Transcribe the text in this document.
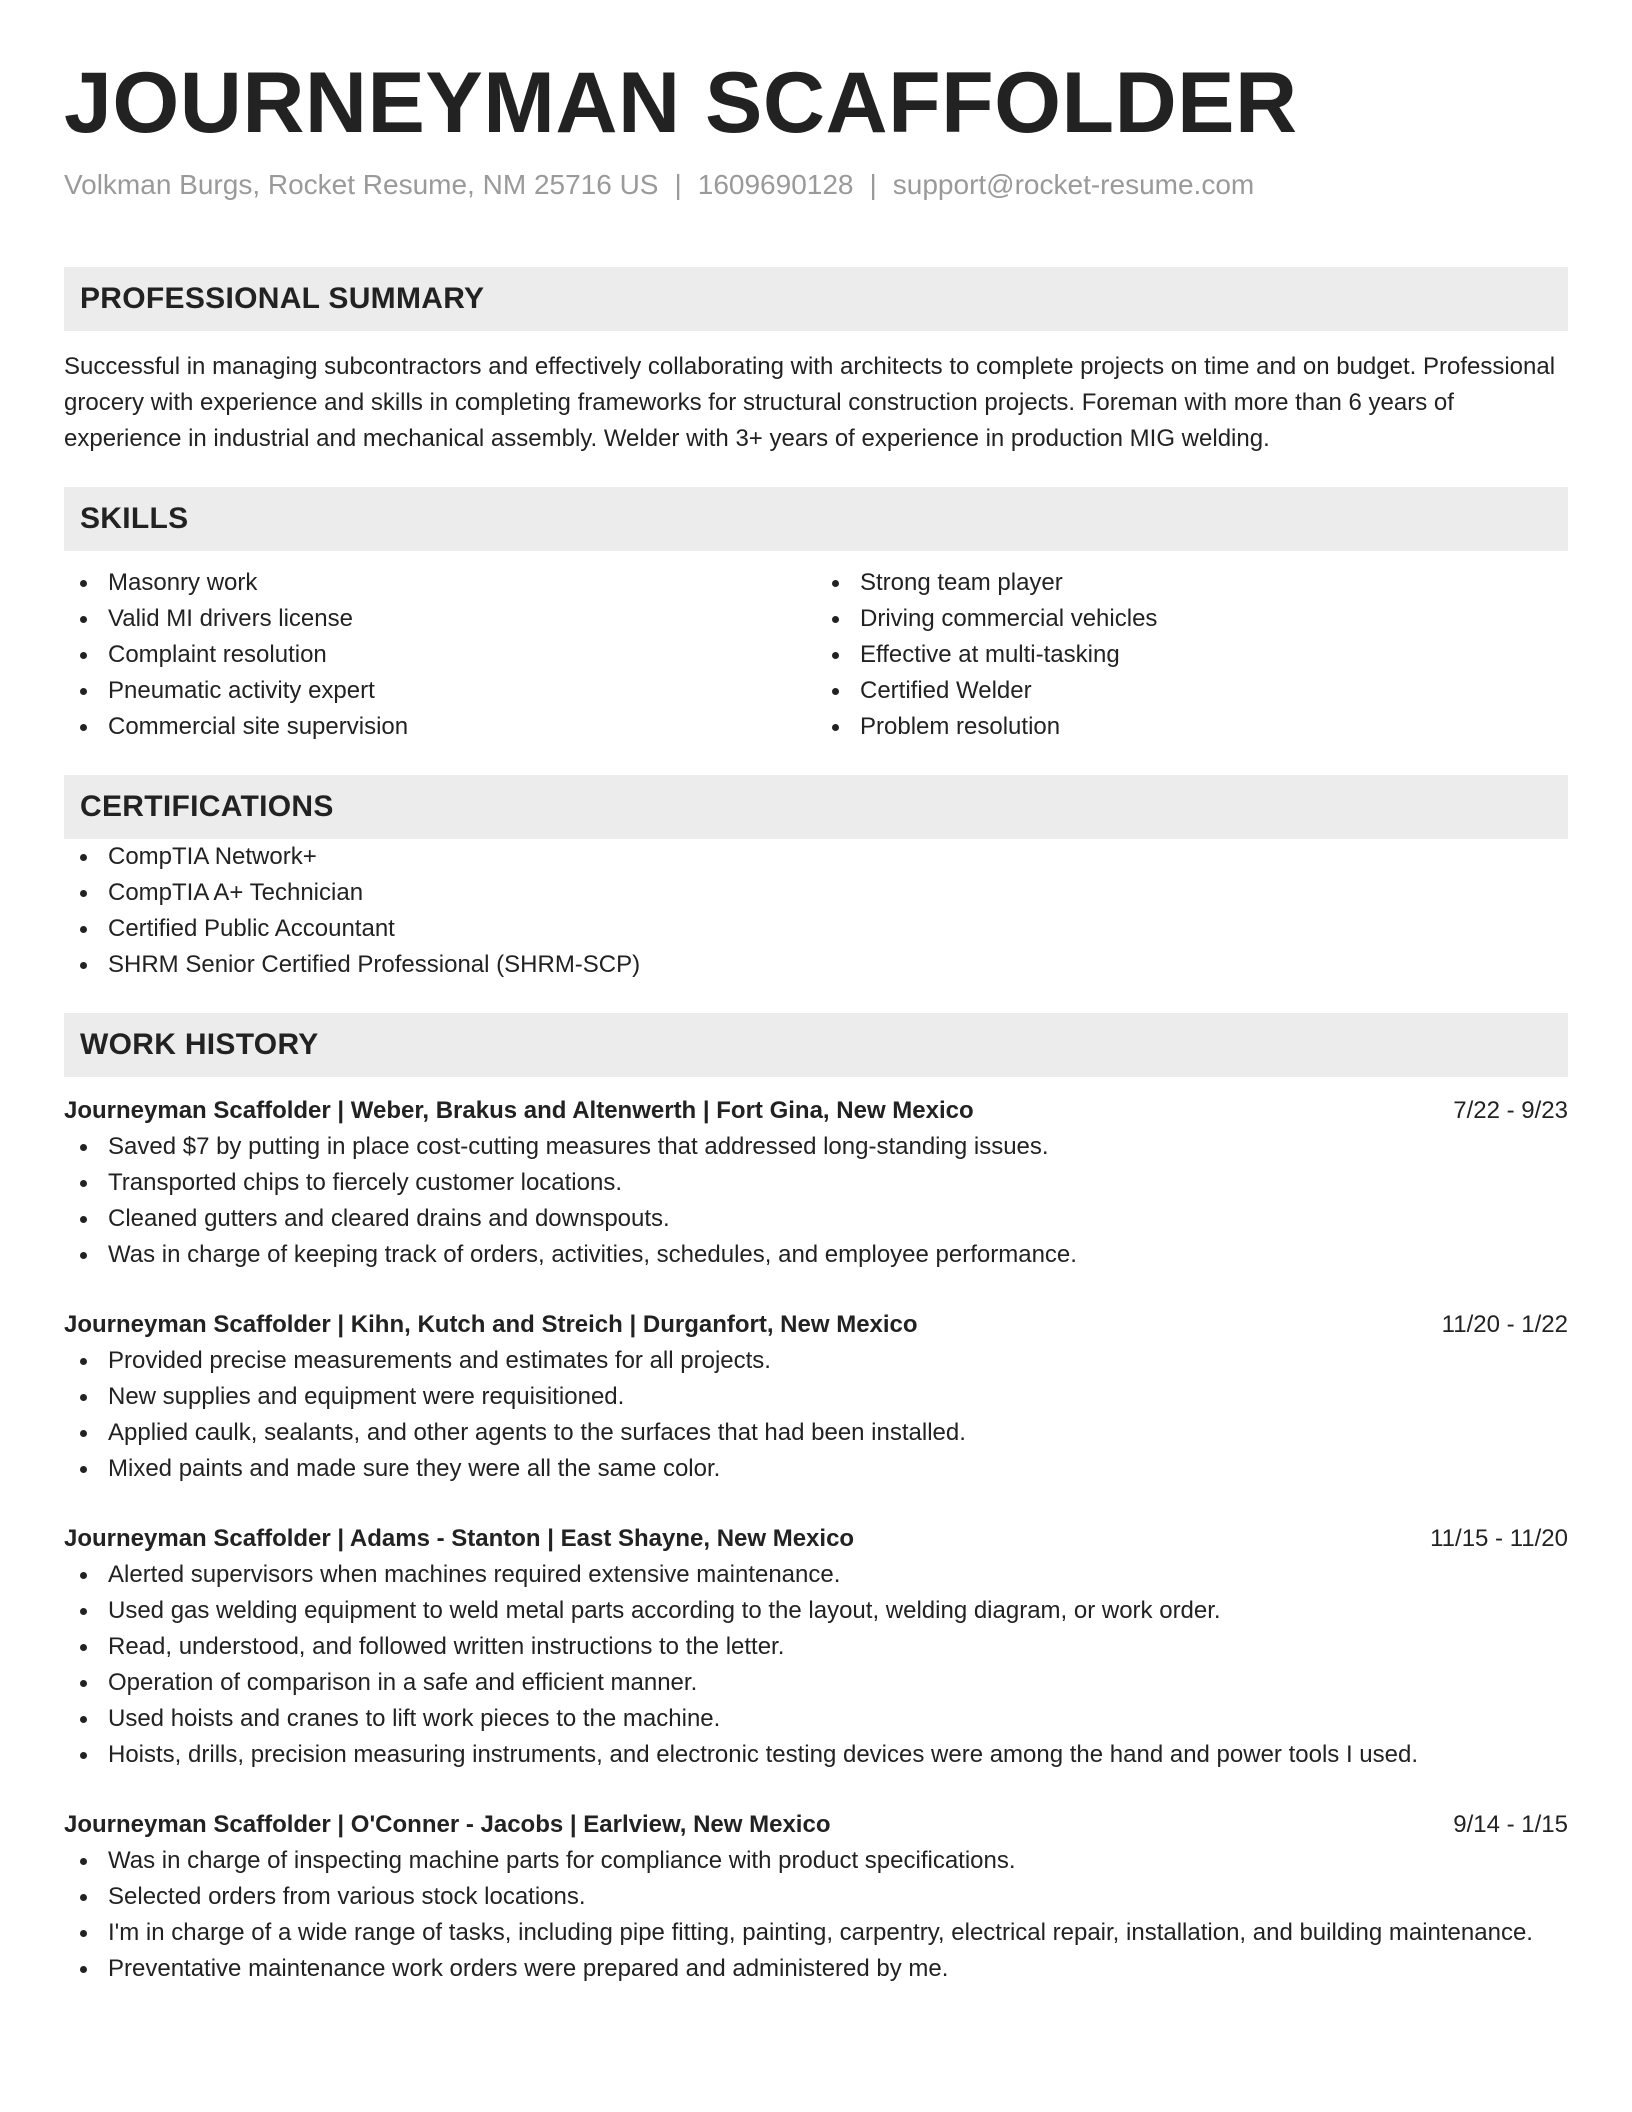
JOURNEYMAN SCAFFOLDER
Volkman Burgs, Rocket Resume, NM 25716 US | 1609690128 | support@rocket-resume.com
PROFESSIONAL SUMMARY
Successful in managing subcontractors and effectively collaborating with architects to complete projects on time and on budget. Professional grocery with experience and skills in completing frameworks for structural construction projects. Foreman with more than 6 years of experience in industrial and mechanical assembly. Welder with 3+ years of experience in production MIG welding.
SKILLS
Masonry work
Valid MI drivers license
Complaint resolution
Pneumatic activity expert
Commercial site supervision
Strong team player
Driving commercial vehicles
Effective at multi-tasking
Certified Welder
Problem resolution
CERTIFICATIONS
CompTIA Network+
CompTIA A+ Technician
Certified Public Accountant
SHRM Senior Certified Professional (SHRM-SCP)
WORK HISTORY
Journeyman Scaffolder | Weber, Brakus and Altenwerth | Fort Gina, New Mexico	7/22 - 9/23
Saved $7 by putting in place cost-cutting measures that addressed long-standing issues.
Transported chips to fiercely customer locations.
Cleaned gutters and cleared drains and downspouts.
Was in charge of keeping track of orders, activities, schedules, and employee performance.
Journeyman Scaffolder | Kihn, Kutch and Streich | Durganfort, New Mexico	11/20 - 1/22
Provided precise measurements and estimates for all projects.
New supplies and equipment were requisitioned.
Applied caulk, sealants, and other agents to the surfaces that had been installed.
Mixed paints and made sure they were all the same color.
Journeyman Scaffolder | Adams - Stanton | East Shayne, New Mexico	11/15 - 11/20
Alerted supervisors when machines required extensive maintenance.
Used gas welding equipment to weld metal parts according to the layout, welding diagram, or work order.
Read, understood, and followed written instructions to the letter.
Operation of comparison in a safe and efficient manner.
Used hoists and cranes to lift work pieces to the machine.
Hoists, drills, precision measuring instruments, and electronic testing devices were among the hand and power tools I used.
Journeyman Scaffolder | O'Conner - Jacobs | Earlview, New Mexico	9/14 - 1/15
Was in charge of inspecting machine parts for compliance with product specifications.
Selected orders from various stock locations.
I'm in charge of a wide range of tasks, including pipe fitting, painting, carpentry, electrical repair, installation, and building maintenance.
Preventative maintenance work orders were prepared and administered by me.
